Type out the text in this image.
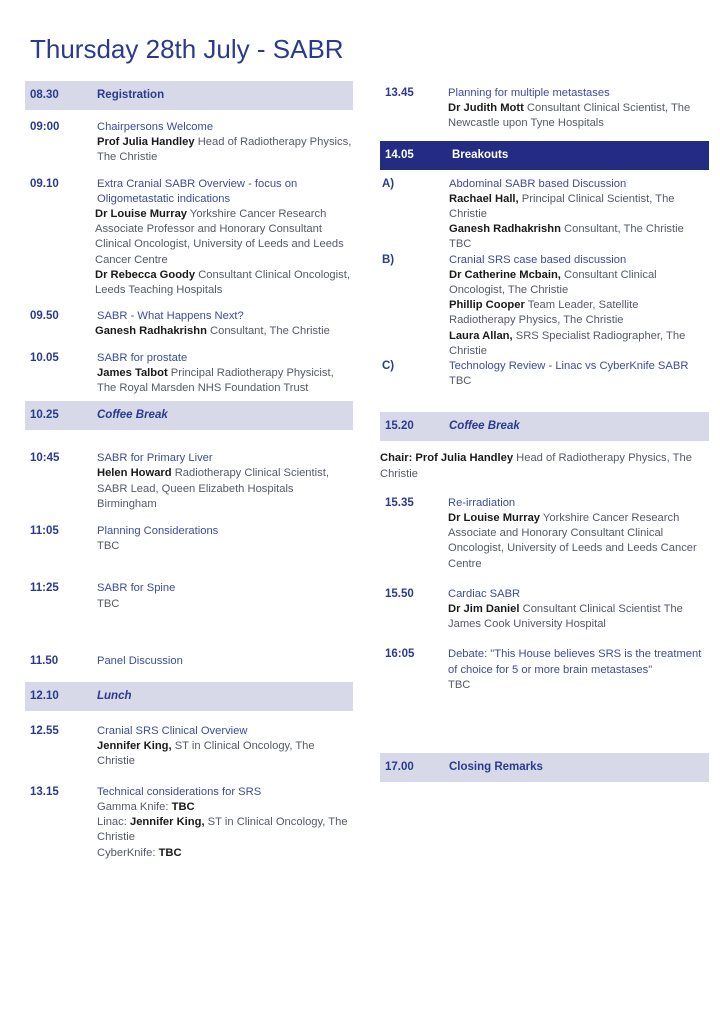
Thursday 28th July - SABR
08.30	Registration
09:00	Chairpersons Welcome
Prof Julia Handley Head of Radiotherapy Physics, The Christie
09.10	Extra Cranial SABR Overview - focus on Oligometastatic indications
Dr Louise Murray Yorkshire Cancer Research Associate Professor and Honorary Consultant Clinical Oncologist, University of Leeds and Leeds Cancer Centre
Dr Rebecca Goody Consultant Clinical Oncologist, Leeds Teaching Hospitals
09.50	SABR - What Happens Next?
Ganesh Radhakrishn Consultant, The Christie
10.05	SABR for prostate
James Talbot Principal Radiotherapy Physicist, The Royal Marsden NHS Foundation Trust
10.25	Coffee Break
10:45	SABR for Primary Liver
Helen Howard Radiotherapy Clinical Scientist, SABR Lead, Queen Elizabeth Hospitals Birmingham
11:05	Planning Considerations
TBC
11:25	SABR for Spine
TBC
11.50	Panel Discussion
12.10	Lunch
12.55	Cranial SRS Clinical Overview
Jennifer King, ST in Clinical Oncology, The Christie
13.15	Technical considerations for SRS
Gamma Knife: TBC
Linac: Jennifer King, ST in Clinical Oncology, The Christie
CyberKnife: TBC
13.45	Planning for multiple metastases
Dr Judith Mott Consultant Clinical Scientist, The Newcastle upon Tyne Hospitals
14.05	Breakouts
A)	Abdominal SABR based Discussion
Rachael Hall, Principal Clinical Scientist, The Christie
Ganesh Radhakrishn Consultant, The Christie
TBC
B)	Cranial SRS case based discussion
Dr Catherine Mcbain, Consultant Clinical Oncologist, The Christie
Phillip Cooper Team Leader, Satellite Radiotherapy Physics, The Christie
Laura Allan, SRS Specialist Radiographer, The Christie
C)	Technology Review - Linac vs CyberKnife SABR
TBC
15.20	Coffee Break
Chair: Prof Julia Handley Head of Radiotherapy Physics, The Christie
15.35	Re-irradiation
Dr Louise Murray Yorkshire Cancer Research Associate and Honorary Consultant Clinical Oncologist, University of Leeds and Leeds Cancer Centre
15.50	Cardiac SABR
Dr Jim Daniel Consultant Clinical Scientist The James Cook University Hospital
16:05	Debate: "This House believes SRS is the treatment of choice for 5 or more brain metastases"
TBC
17.00	Closing Remarks
